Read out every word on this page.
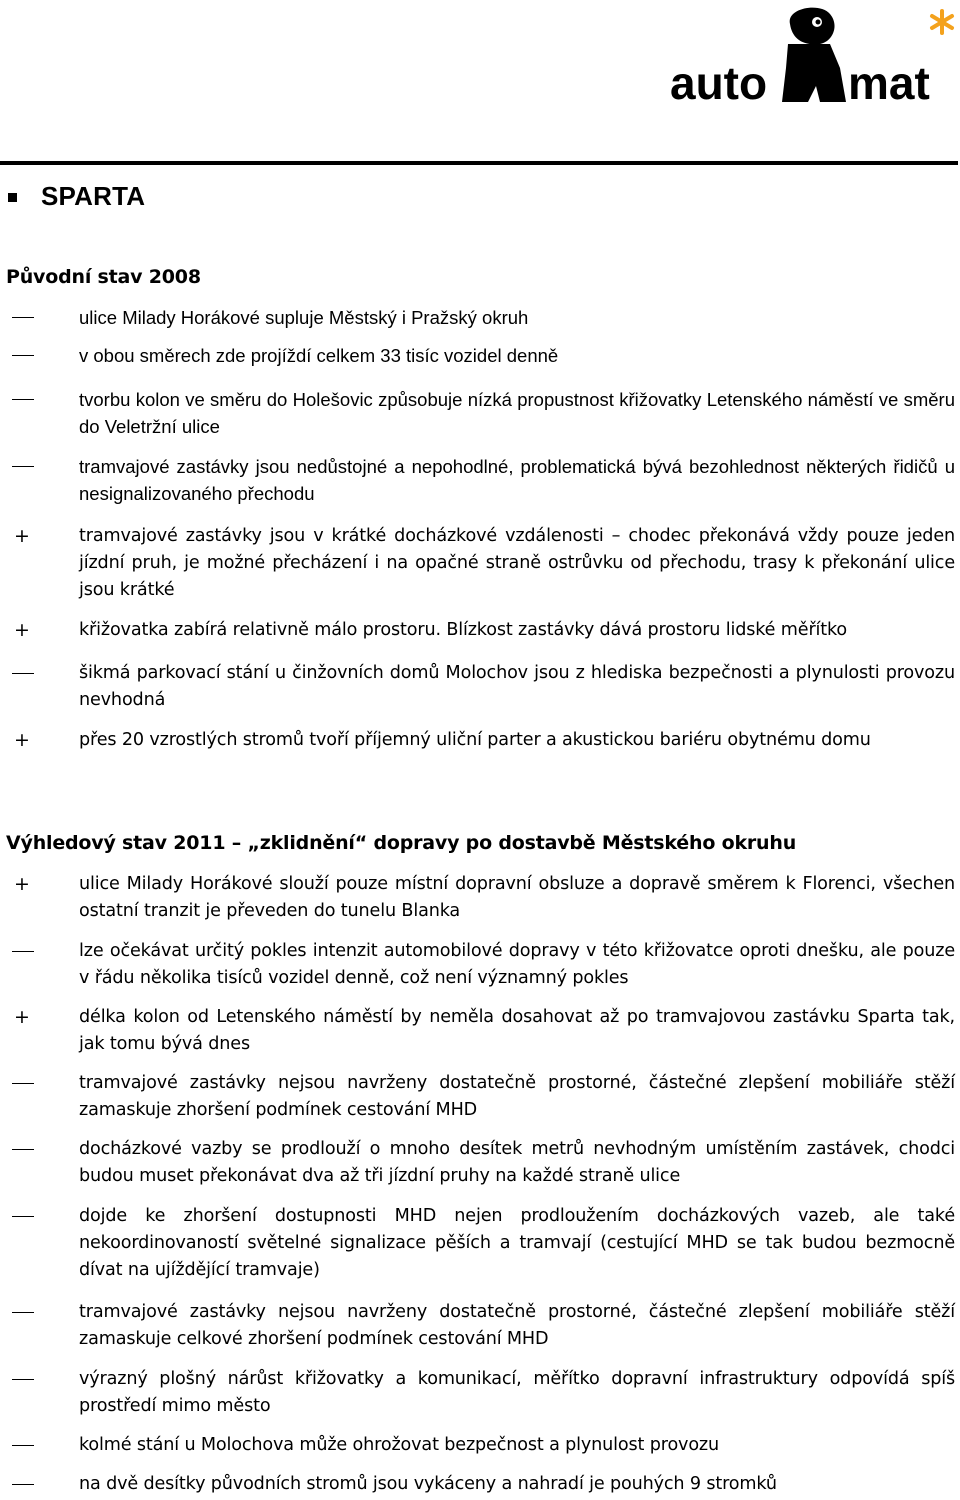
auto mat
SPARTA
Původní stav 2008
ulice Milady Horákové supluje Městský i Pražský okruh
v obou směrech zde projíždí celkem 33 tisíc vozidel denně
tvorbu kolon ve směru do Holešovic způsobuje nízká propustnost křižovatky Letenského náměstí ve směru do Veletržní ulice
tramvajové zastávky jsou nedůstojné a nepohodlné, problematická bývá bezohlednost některých řidičů u nesignalizovaného přechodu
+
tramvajové zastávky jsou v krátké docházkové vzdálenosti – chodec překonává vždy pouze jeden jízdní pruh, je možné přecházení i na opačné straně ostrůvku od přechodu, trasy k překonání ulice jsou krátké
+
křižovatka zabírá relativně málo prostoru. Blízkost zastávky dává prostoru lidské měřítko
šikmá parkovací stání u činžovních domů Molochov jsou z hlediska bezpečnosti a plynulosti provozu nevhodná
+
přes 20 vzrostlých stromů tvoří příjemný uliční parter a akustickou bariéru obytnému domu
Výhledový stav 2011 – „zklidnění“ dopravy po dostavbě Městského okruhu
+
ulice Milady Horákové slouží pouze místní dopravní obsluze a dopravě směrem k Florenci, všechen ostatní tranzit je převeden do tunelu Blanka
lze očekávat určitý pokles intenzit automobilové dopravy v této křižovatce oproti dnešku, ale pouze v řádu několika tisíců vozidel denně, což není významný pokles
+
délka kolon od Letenského náměstí by neměla dosahovat až po tramvajovou zastávku Sparta tak, jak tomu bývá dnes
tramvajové zastávky nejsou navrženy dostatečně prostorné, částečné zlepšení mobiliáře stěží zamaskuje zhoršení podmínek cestování MHD
docházkové vazby se prodlouží o mnoho desítek metrů nevhodným umístěním zastávek, chodci budou muset překonávat dva až tři jízdní pruhy na každé straně ulice
dojde ke zhoršení dostupnosti MHD nejen prodloužením docházkových vazeb, ale také nekoordinovaností světelné signalizace pěších a tramvají (cestující MHD se tak budou bezmocně dívat na ujíždějící tramvaje)
tramvajové zastávky nejsou navrženy dostatečně prostorné, částečné zlepšení mobiliáře stěží zamaskuje celkové zhoršení podmínek cestování MHD
výrazný plošný nárůst křižovatky a komunikací, měřítko dopravní infrastruktury odpovídá spíš prostředí mimo město
kolmé stání u Molochova může ohrožovat bezpečnost a plynulost provozu
na dvě desítky původních stromů jsou vykáceny a nahradí je pouhých 9 stromků
